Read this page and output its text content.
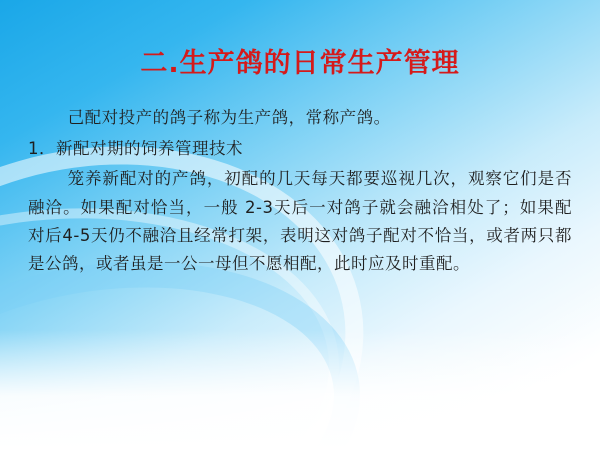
二.生产鸽的日常生产管理

己配对投产的鸽子称为生产鸽，常称产鸽。

1．新配对期的饲养管理技术

笼养新配对的产鸽，初配的几天每天都要巡视几次，观察它们是否融洽。如果配对恰当，一般 2-3天后一对鸽子就会融洽相处了；如果配对后4-5天仍不融洽且经常打架，表明这对鸽子配对不恰当，或者两只都是公鸽，或者虽是一公一母但不愿相配，此时应及时重配。
